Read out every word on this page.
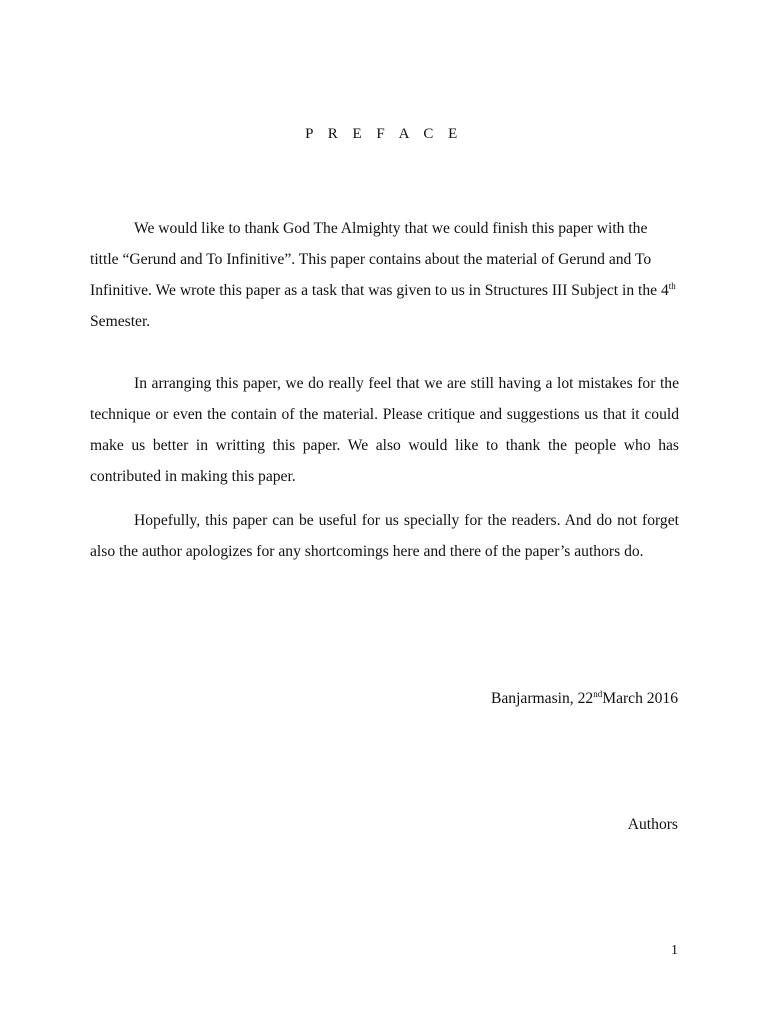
P R E F A C E

We would like to thank God The Almighty that we could finish this paper with the tittle “Gerund and To Infinitive”. This paper contains about the material of Gerund and To Infinitive. We wrote this paper as a task that was given to us in Structures III Subject in the 4th Semester.

In arranging this paper, we do really feel that we are still having a lot mistakes for the technique or even the contain of the material. Please critique and suggestions us that it could make us better in writting this paper. We also would like to thank the people who has contributed in making this paper.

Hopefully, this paper can be useful for us specially for the readers. And do not forget also the author apologizes for any shortcomings here and there of the paper’s authors do.

Banjarmasin, 22ndMarch 2016

Authors

1
